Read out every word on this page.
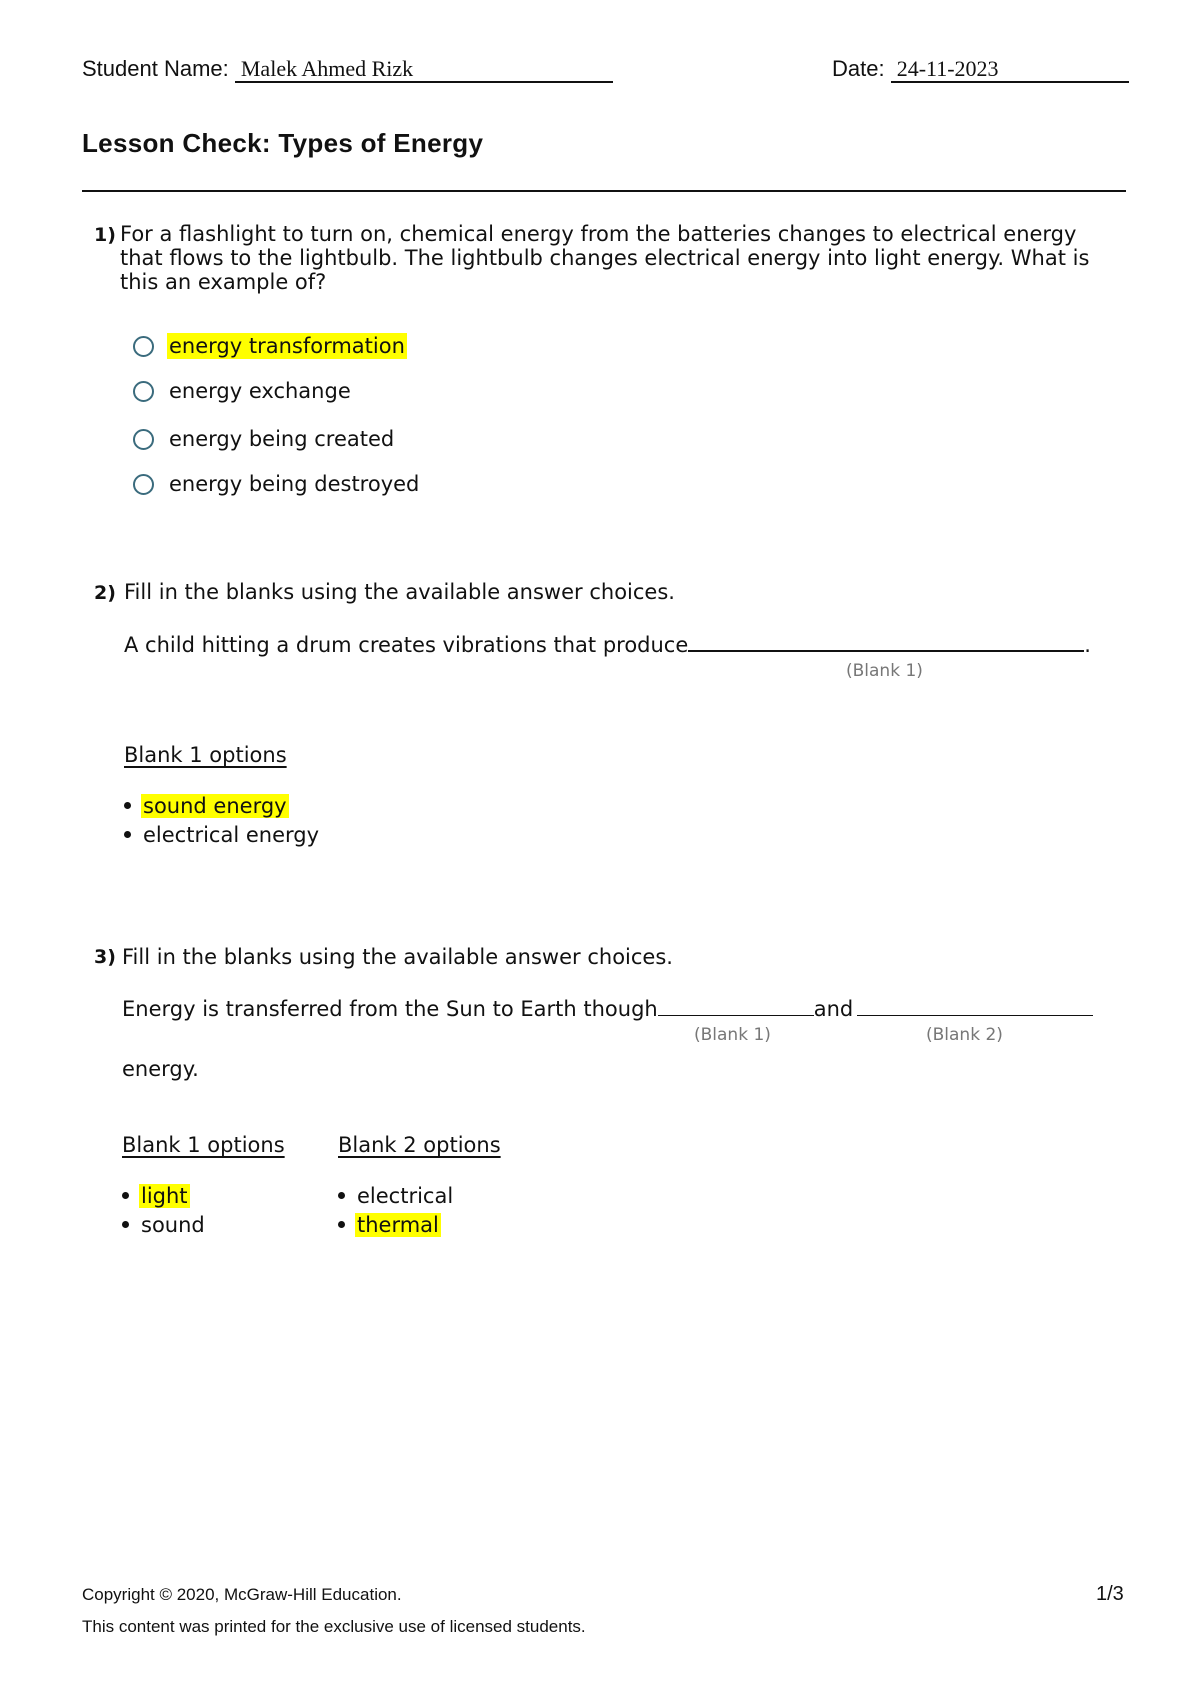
Student Name: Malek Ahmed Rizk	Date: 24-11-2023
Lesson Check: Types of Energy
1) For a flashlight to turn on, chemical energy from the batteries changes to electrical energy that flows to the lightbulb. The lightbulb changes electrical energy into light energy. What is this an example of?
energy transformation
energy exchange
energy being created
energy being destroyed
2) Fill in the blanks using the available answer choices.
A child hitting a drum creates vibrations that produce	.
(Blank 1)
Blank 1 options
sound energy
electrical energy
3) Fill in the blanks using the available answer choices.
Energy is transferred from the Sun to Earth though	and
(Blank 1)	(Blank 2)
energy.
Blank 1 options	Blank 2 options
light
sound
electrical
thermal
Copyright © 2020, McGraw-Hill Education.	1/3
This content was printed for the exclusive use of licensed students.
